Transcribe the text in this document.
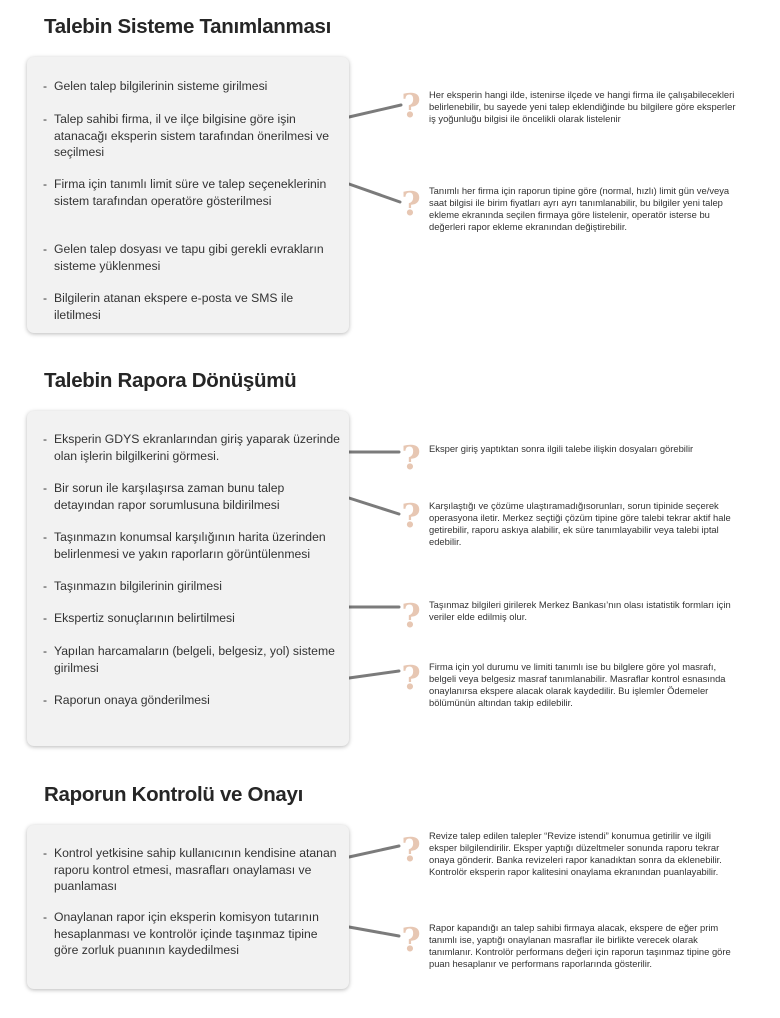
Talebin Sisteme Tanımlanması
- Gelen talep bilgilerinin sisteme girilmesi
- Talep sahibi firma, il ve ilçe bilgisine göre işin atanacağı eksperin sistem tarafından önerilmesi ve seçilmesi
- Firma için tanımlı limit süre ve talep seçeneklerinin sistem tarafından operatöre gösterilmesi
- Gelen talep dosyası ve tapu gibi gerekli evrakların sisteme yüklenmesi
- Bilgilerin atanan ekspere e-posta ve SMS ile iletilmesi
? Her eksperin hangi ilde, istenirse ilçede ve hangi firma ile çalışabilecekleri belirlenebilir, bu sayede yeni talep eklendiğinde bu bilgilere göre eksperler iş yoğunluğu bilgisi ile öncelikli olarak listelenir

? Tanımlı her firma için raporun tipine göre (normal, hızlı) limit gün ve/veya saat bilgisi ile birim fiyatları ayrı ayrı tanımlanabilir, bu bilgiler yeni talep ekleme ekranında seçilen firmaya göre listelenir, operatör isterse bu değerleri rapor ekleme ekranından değiştirebilir.

Talebin Rapora Dönüşümü
- Eksperin GDYS ekranlarından giriş yaparak üzerinde olan işlerin bilgilkerini görmesi.
- Bir sorun ile karşılaşırsa zaman bunu talep detayından rapor sorumlusuna bildirilmesi
- Taşınmazın konumsal karşılığının harita üzerinden belirlenmesi ve yakın raporların görüntülenmesi
- Taşınmazın bilgilerinin girilmesi
- Ekspertiz sonuçlarının belirtilmesi
- Yapılan harcamaların (belgeli, belgesiz, yol) sisteme girilmesi
- Raporun onaya gönderilmesi
? Eksper giriş yaptıktan sonra ilgili talebe ilişkin dosyaları görebilir

? Karşılaştığı ve çözüme ulaştıramadığısorunları, sorun tipinide seçerek operasyona iletir. Merkez seçtiği çözüm tipine göre talebi tekrar aktif hale getirebilir, raporu askıya alabilir, ek süre tanımlayabilir veya talebi iptal edebilir.

? Taşınmaz bilgileri girilerek Merkez Bankası’nın olası istatistik formları için veriler elde edilmiş olur.

? Firma için yol durumu ve limiti tanımlı ise bu bilglere göre yol masrafı, belgeli veya belgesiz masraf tanımlanabilir. Masraflar kontrol esnasında onaylanırsa ekspere alacak olarak kaydedilir. Bu işlemler Ödemeler bölümünün altından takip edilebilir.

Raporun Kontrolü ve Onayı
- Kontrol yetkisine sahip kullanıcının kendisine atanan raporu kontrol etmesi, masrafları onaylaması ve puanlaması
- Onaylanan rapor için eksperin komisyon tutarının hesaplanması ve kontrolör içinde taşınmaz tipine göre zorluk puanının kaydedilmesi
? Revize talep edilen talepler “Revize istendi” konumua getirilir ve ilgili eksper bilgilendirilir. Eksper yaptığı düzeltmeler sonunda raporu tekrar onaya gönderir. Banka revizeleri rapor kanadıktan sonra da eklenebilir. Kontrolör eksperin rapor kalitesini onaylama ekranından puanlayabilir.

? Rapor kapandığı an talep sahibi firmaya alacak, ekspere de eğer prim tanımlı ise, yaptığı onaylanan masraflar ile birlikte verecek olarak tanımlanır. Kontrolör performans değeri için raporun taşınmaz tipine göre puan hesaplanır ve performans raporlarında gösterilir.
